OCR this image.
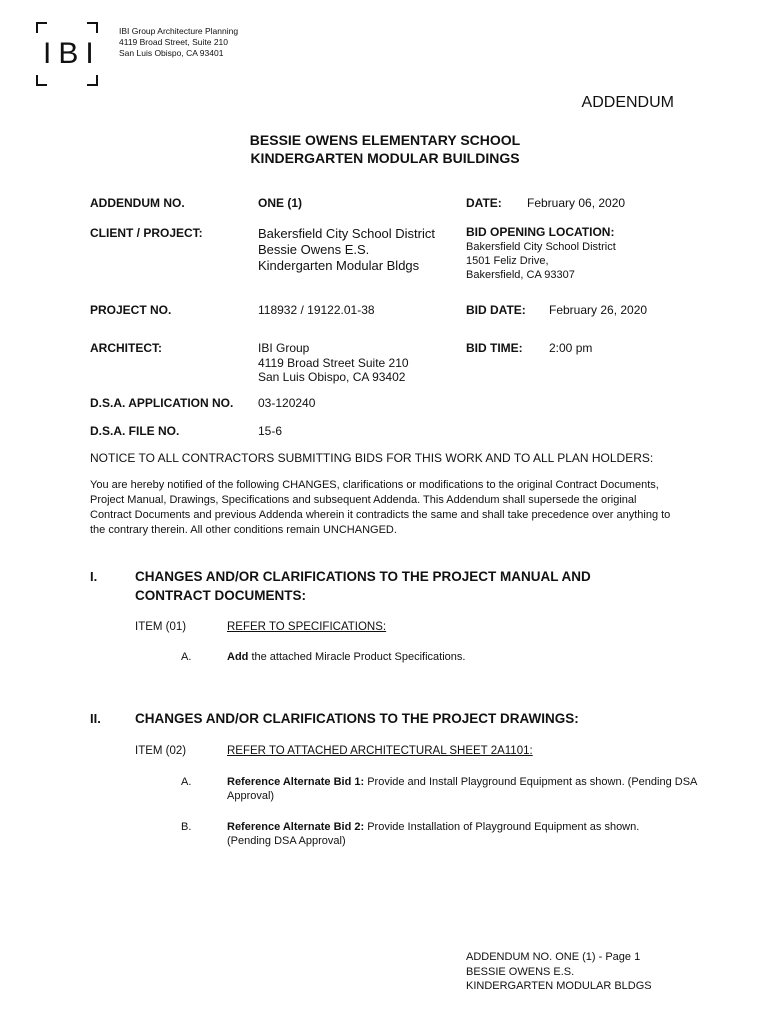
IBI
IBI Group Architecture Planning
4119 Broad Street, Suite 210
San Luis Obispo, CA 93401
ADDENDUM
BESSIE OWENS ELEMENTARY SCHOOL
KINDERGARTEN MODULAR BUILDINGS
ADDENDUM NO.	ONE (1)	DATE: February 06, 2020
CLIENT / PROJECT:	Bakersfield City School District
Bessie Owens E.S.
Kindergarten Modular Bldgs
BID OPENING LOCATION:
Bakersfield City School District
1501 Feliz Drive,
Bakersfield, CA 93307
PROJECT NO.	118932 / 19122.01-38	BID DATE: February 26, 2020
ARCHITECT:	IBI Group
4119 Broad Street Suite 210
San Luis Obispo, CA 93402
BID TIME: 2:00 pm
D.S.A. APPLICATION NO. 03-120240
D.S.A. FILE NO.	15-6
NOTICE TO ALL CONTRACTORS SUBMITTING BIDS FOR THIS WORK AND TO ALL PLAN HOLDERS:
You are hereby notified of the following CHANGES, clarifications or modifications to the original Contract Documents, Project Manual, Drawings, Specifications and subsequent Addenda. This Addendum shall supersede the original Contract Documents and previous Addenda wherein it contradicts the same and shall take precedence over anything to the contrary therein. All other conditions remain UNCHANGED.
I.	CHANGES AND/OR CLARIFICATIONS TO THE PROJECT MANUAL AND
CONTRACT DOCUMENTS:
ITEM (01)	REFER TO SPECIFICATIONS:
A.	Add the attached Miracle Product Specifications.
II.	CHANGES AND/OR CLARIFICATIONS TO THE PROJECT DRAWINGS:
ITEM (02)	REFER TO ATTACHED ARCHITECTURAL SHEET 2A1101:
A.	Reference Alternate Bid 1: Provide and Install Playground Equipment as shown. (Pending DSA Approval)
B.	Reference Alternate Bid 2: Provide Installation of Playground Equipment as shown. (Pending DSA Approval)
ADDENDUM NO. ONE (1) - Page 1
BESSIE OWENS E.S.
KINDERGARTEN MODULAR BLDGS
